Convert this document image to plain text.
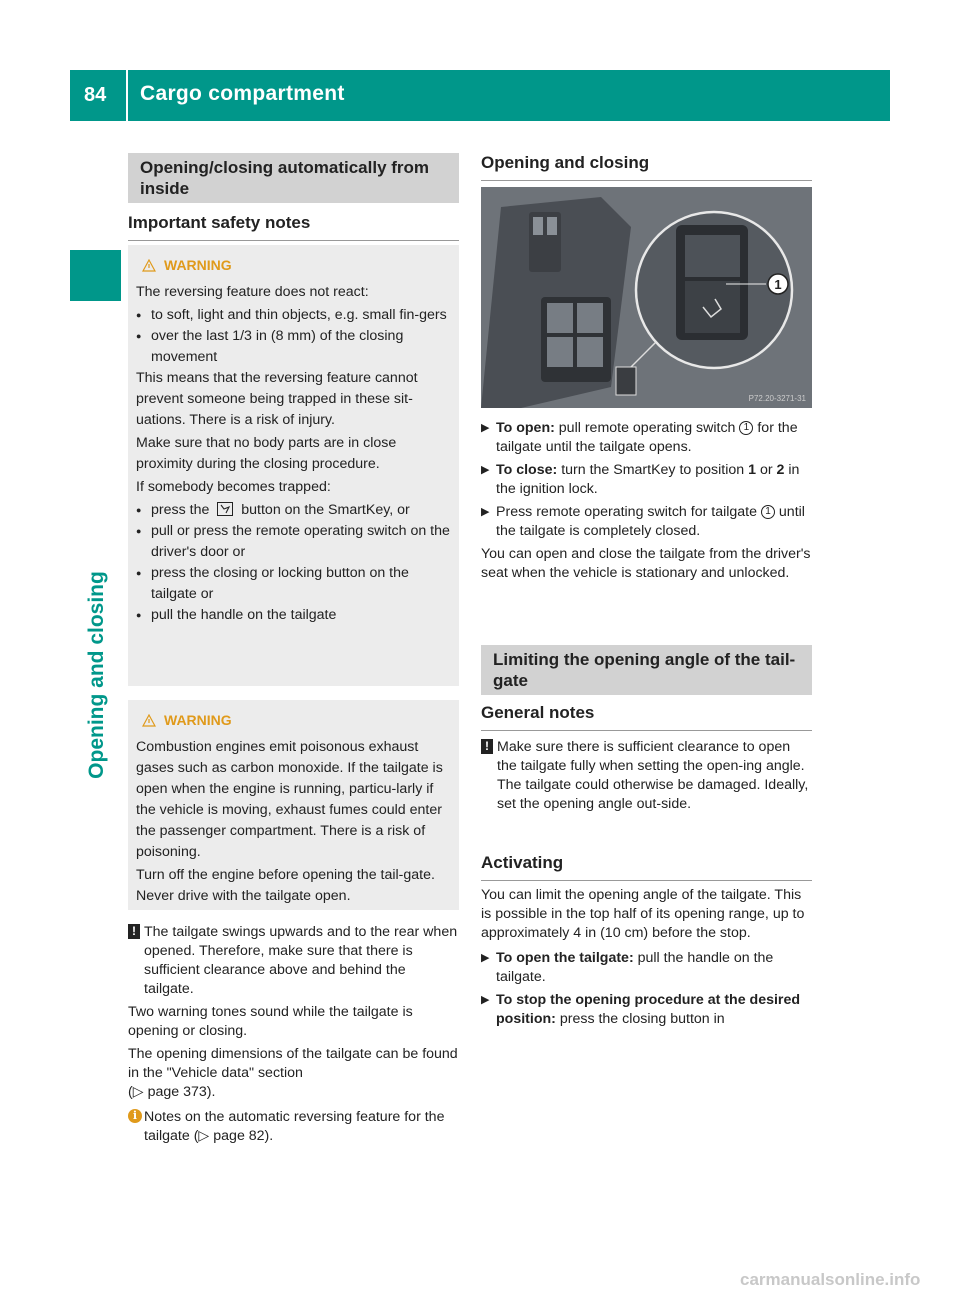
84 Cargo compartment
Opening and closing
Opening/closing automatically from inside
Important safety notes
WARNING

The reversing feature does not react:

● to soft, light and thin objects, e.g. small fin-gers
● over the last 1/3 in (8 mm) of the closing movement

This means that the reversing feature cannot prevent someone being trapped in these sit-uations. There is a risk of injury.

Make sure that no body parts are in close proximity during the closing procedure.

If somebody becomes trapped:

● press the button on the SmartKey, or
● pull or press the remote operating switch on the driver's door or
● press the closing or locking button on the tailgate or
● pull the handle on the tailgate
WARNING

Combustion engines emit poisonous exhaust gases such as carbon monoxide. If the tailgate is open when the engine is running, particu-larly if the vehicle is moving, exhaust fumes could enter the passenger compartment. There is a risk of poisoning.

Turn off the engine before opening the tail-gate. Never drive with the tailgate open.

! The tailgate swings upwards and to the rear when opened. Therefore, make sure that there is sufficient clearance above and behind the tailgate.

Two warning tones sound while the tailgate is opening or closing.

The opening dimensions of the tailgate can be found in the "Vehicle data" section
(▷ page 373).

i Notes on the automatic reversing feature for the tailgate (▷ page 82).
Opening and closing
1
P72.20-3271-31
▶ To open: pull remote operating switch 1 for the tailgate until the tailgate opens.
▶ To close: turn the SmartKey to position 1 or 2 in the ignition lock.
▶ Press remote operating switch for tailgate 1 until the tailgate is completely closed.

You can open and close the tailgate from the driver's seat when the vehicle is stationary and unlocked.

Limiting the opening angle of the tail-gate
General notes
! Make sure there is sufficient clearance to open the tailgate fully when setting the open-ing angle. The tailgate could otherwise be damaged. Ideally, set the opening angle out-side.
Activating

You can limit the opening angle of the tailgate. This is possible in the top half of its opening range, up to approximately 4 in (10 cm) before the stop.

▶ To open the tailgate: pull the handle on the tailgate.
▶ To stop the opening procedure at the desired position: press the closing button in
carmanualsonline.info
